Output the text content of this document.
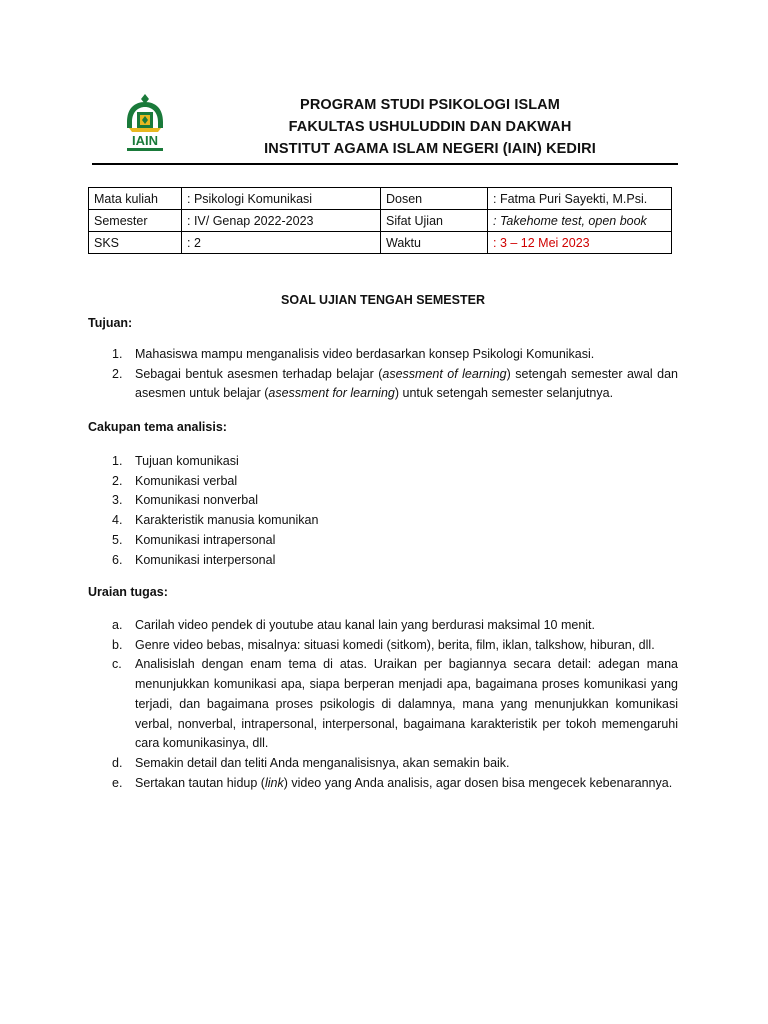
IAIN
PROGRAM STUDI PSIKOLOGI ISLAM
FAKULTAS USHULUDDIN DAN DAKWAH
INSTITUT AGAMA ISLAM NEGERI (IAIN) KEDIRI
Mata kuliah	: Psikologi Komunikasi	Dosen	: Fatma Puri Sayekti, M.Psi.
Semester	: IV/ Genap 2022-2023	Sifat Ujian	: Takehome test, open book
SKS	: 2	Waktu	: 3 – 12 Mei 2023
SOAL UJIAN TENGAH SEMESTER
Tujuan:
1. Mahasiswa mampu menganalisis video berdasarkan konsep Psikologi Komunikasi.
2. Sebagai bentuk asesmen terhadap belajar (asessment of learning) setengah semester awal dan asesmen untuk belajar (asessment for learning) untuk setengah semester selanjutnya.
Cakupan tema analisis:
1. Tujuan komunikasi
2. Komunikasi verbal
3. Komunikasi nonverbal
4. Karakteristik manusia komunikan
5. Komunikasi intrapersonal
6. Komunikasi interpersonal
Uraian tugas:
a. Carilah video pendek di youtube atau kanal lain yang berdurasi maksimal 10 menit.
b. Genre video bebas, misalnya: situasi komedi (sitkom), berita, film, iklan, talkshow, hiburan, dll.
c. Analisislah dengan enam tema di atas. Uraikan per bagiannya secara detail: adegan mana menunjukkan komunikasi apa, siapa berperan menjadi apa, bagaimana proses komunikasi yang terjadi, dan bagaimana proses psikologis di dalamnya, mana yang menunjukkan komunikasi verbal, nonverbal, intrapersonal, interpersonal, bagaimana karakteristik per tokoh memengaruhi cara komunikasinya, dll.
d. Semakin detail dan teliti Anda menganalisisnya, akan semakin baik.
e. Sertakan tautan hidup (link) video yang Anda analisis, agar dosen bisa mengecek kebenarannya.
